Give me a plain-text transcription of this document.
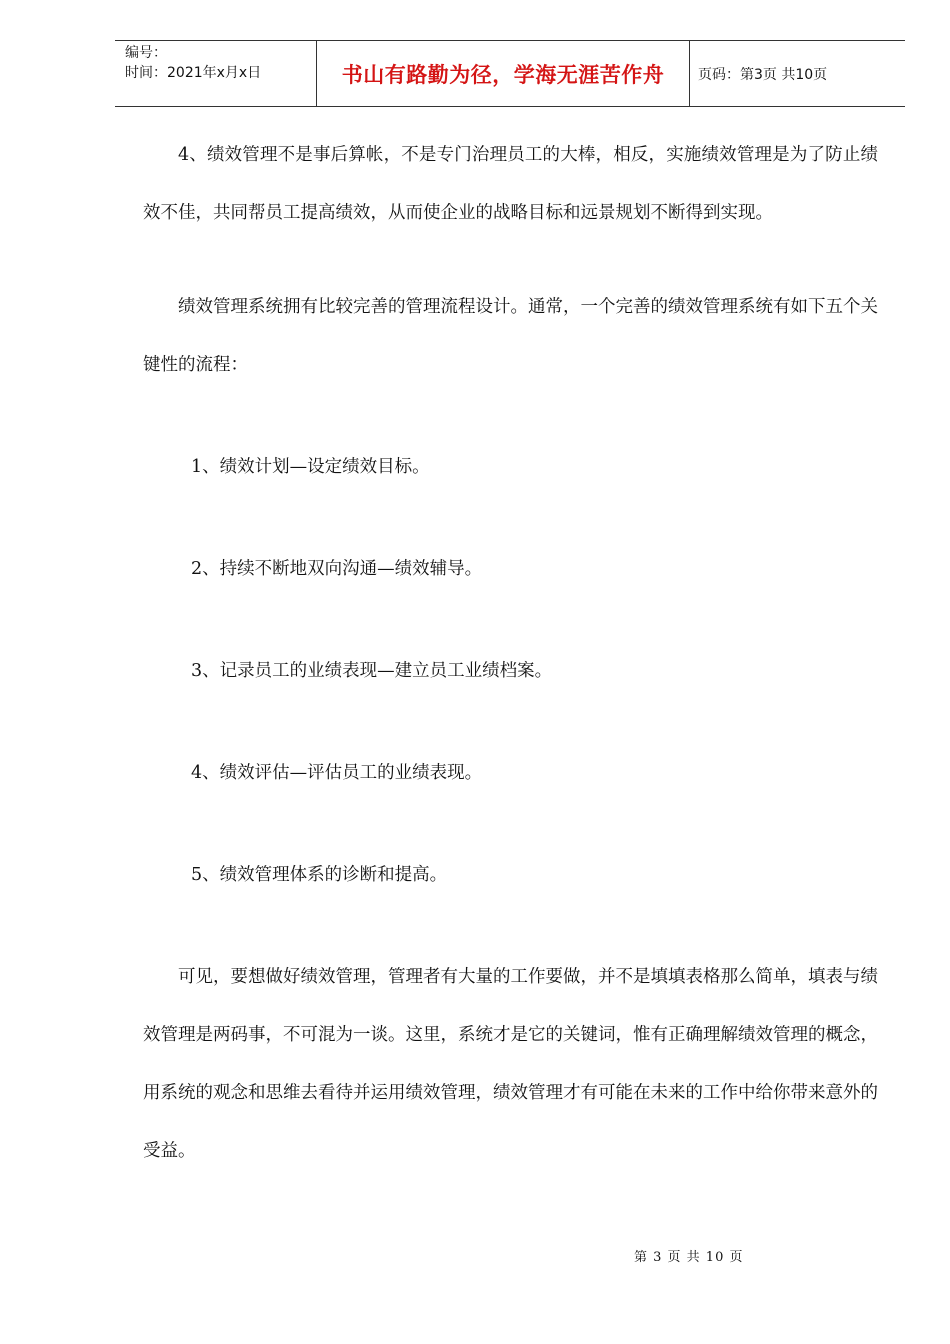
编号：
时间：2021年x月x日	书山有路勤为径，学海无涯苦作舟	页码：第3页 共10页

4、绩效管理不是事后算帐，不是专门治理员工的大棒，相反，实施绩效管理是为了防止绩效不佳，共同帮员工提高绩效，从而使企业的战略目标和远景规划不断得到实现。

绩效管理系统拥有比较完善的管理流程设计。通常，一个完善的绩效管理系统有如下五个关键性的流程：

1、绩效计划—设定绩效目标。

2、持续不断地双向沟通—绩效辅导。

3、记录员工的业绩表现—建立员工业绩档案。

4、绩效评估—评估员工的业绩表现。

5、绩效管理体系的诊断和提高。

可见，要想做好绩效管理，管理者有大量的工作要做，并不是填填表格那么简单，填表与绩效管理是两码事，不可混为一谈。这里，系统才是它的关键词，惟有正确理解绩效管理的概念，用系统的观念和思维去看待并运用绩效管理，绩效管理才有可能在未来的工作中给你带来意外的受益。

第 3 页 共 10 页
